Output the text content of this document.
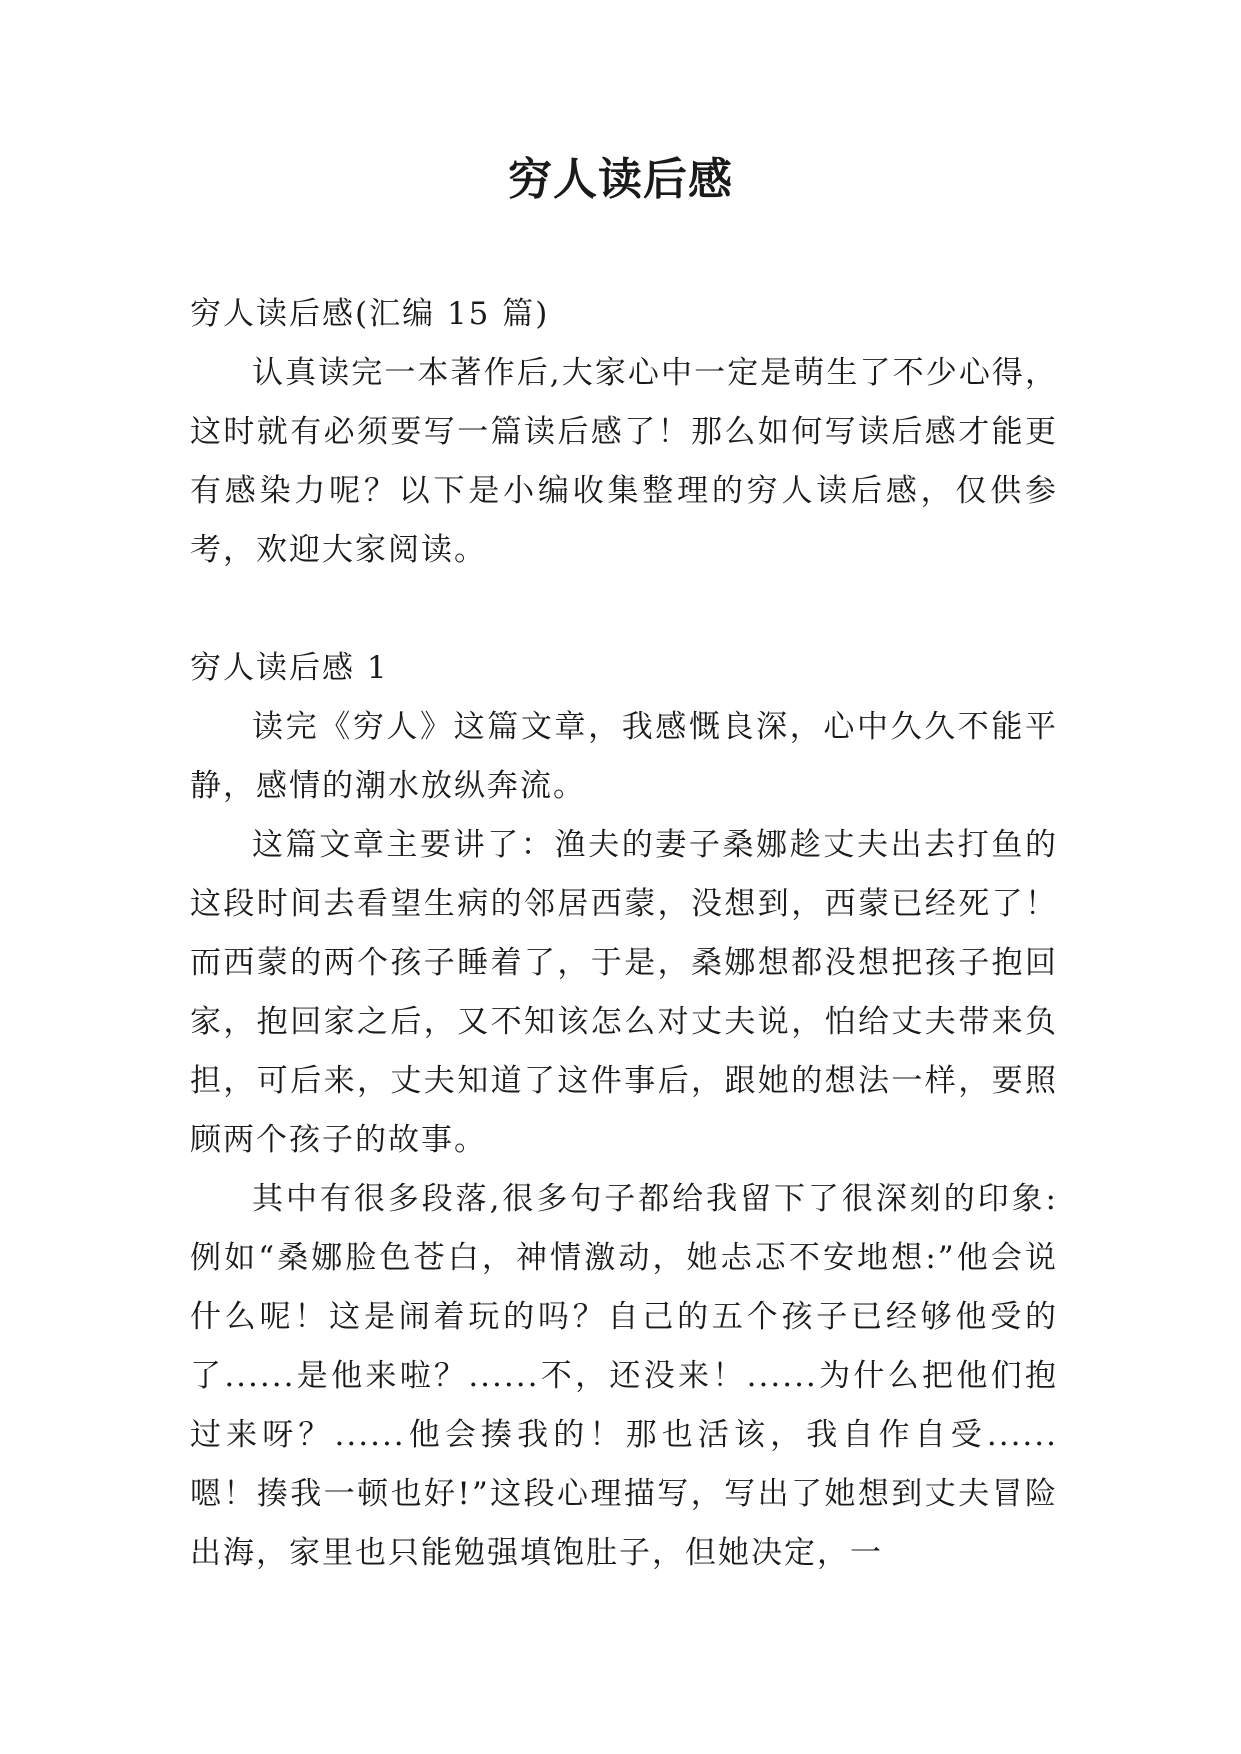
穷人读后感

穷人读后感(汇编 15 篇)

认真读完一本著作后,大家心中一定是萌生了不少心得，这时就有必须要写一篇读后感了！那么如何写读后感才能更有感染力呢？以下是小编收集整理的穷人读后感，仅供参考，欢迎大家阅读。

穷人读后感 1

读完《穷人》这篇文章，我感慨良深，心中久久不能平静，感情的潮水放纵奔流。

这篇文章主要讲了：渔夫的妻子桑娜趁丈夫出去打鱼的这段时间去看望生病的邻居西蒙，没想到，西蒙已经死了！而西蒙的两个孩子睡着了，于是，桑娜想都没想把孩子抱回家，抱回家之后，又不知该怎么对丈夫说，怕给丈夫带来负担，可后来，丈夫知道了这件事后，跟她的想法一样，要照顾两个孩子的故事。

其中有很多段落,很多句子都给我留下了很深刻的印象:例如“桑娜脸色苍白，神情激动，她忐忑不安地想:”他会说什么呢！这是闹着玩的吗？自己的五个孩子已经够他受的了......是他来啦？......不，还没来！......为什么把他们抱过来呀？......他会揍我的！那也活该，我自作自受......嗯！揍我一顿也好!”这段心理描写，写出了她想到丈夫冒险出海，家里也只能勉强填饱肚子，但她决定，一
